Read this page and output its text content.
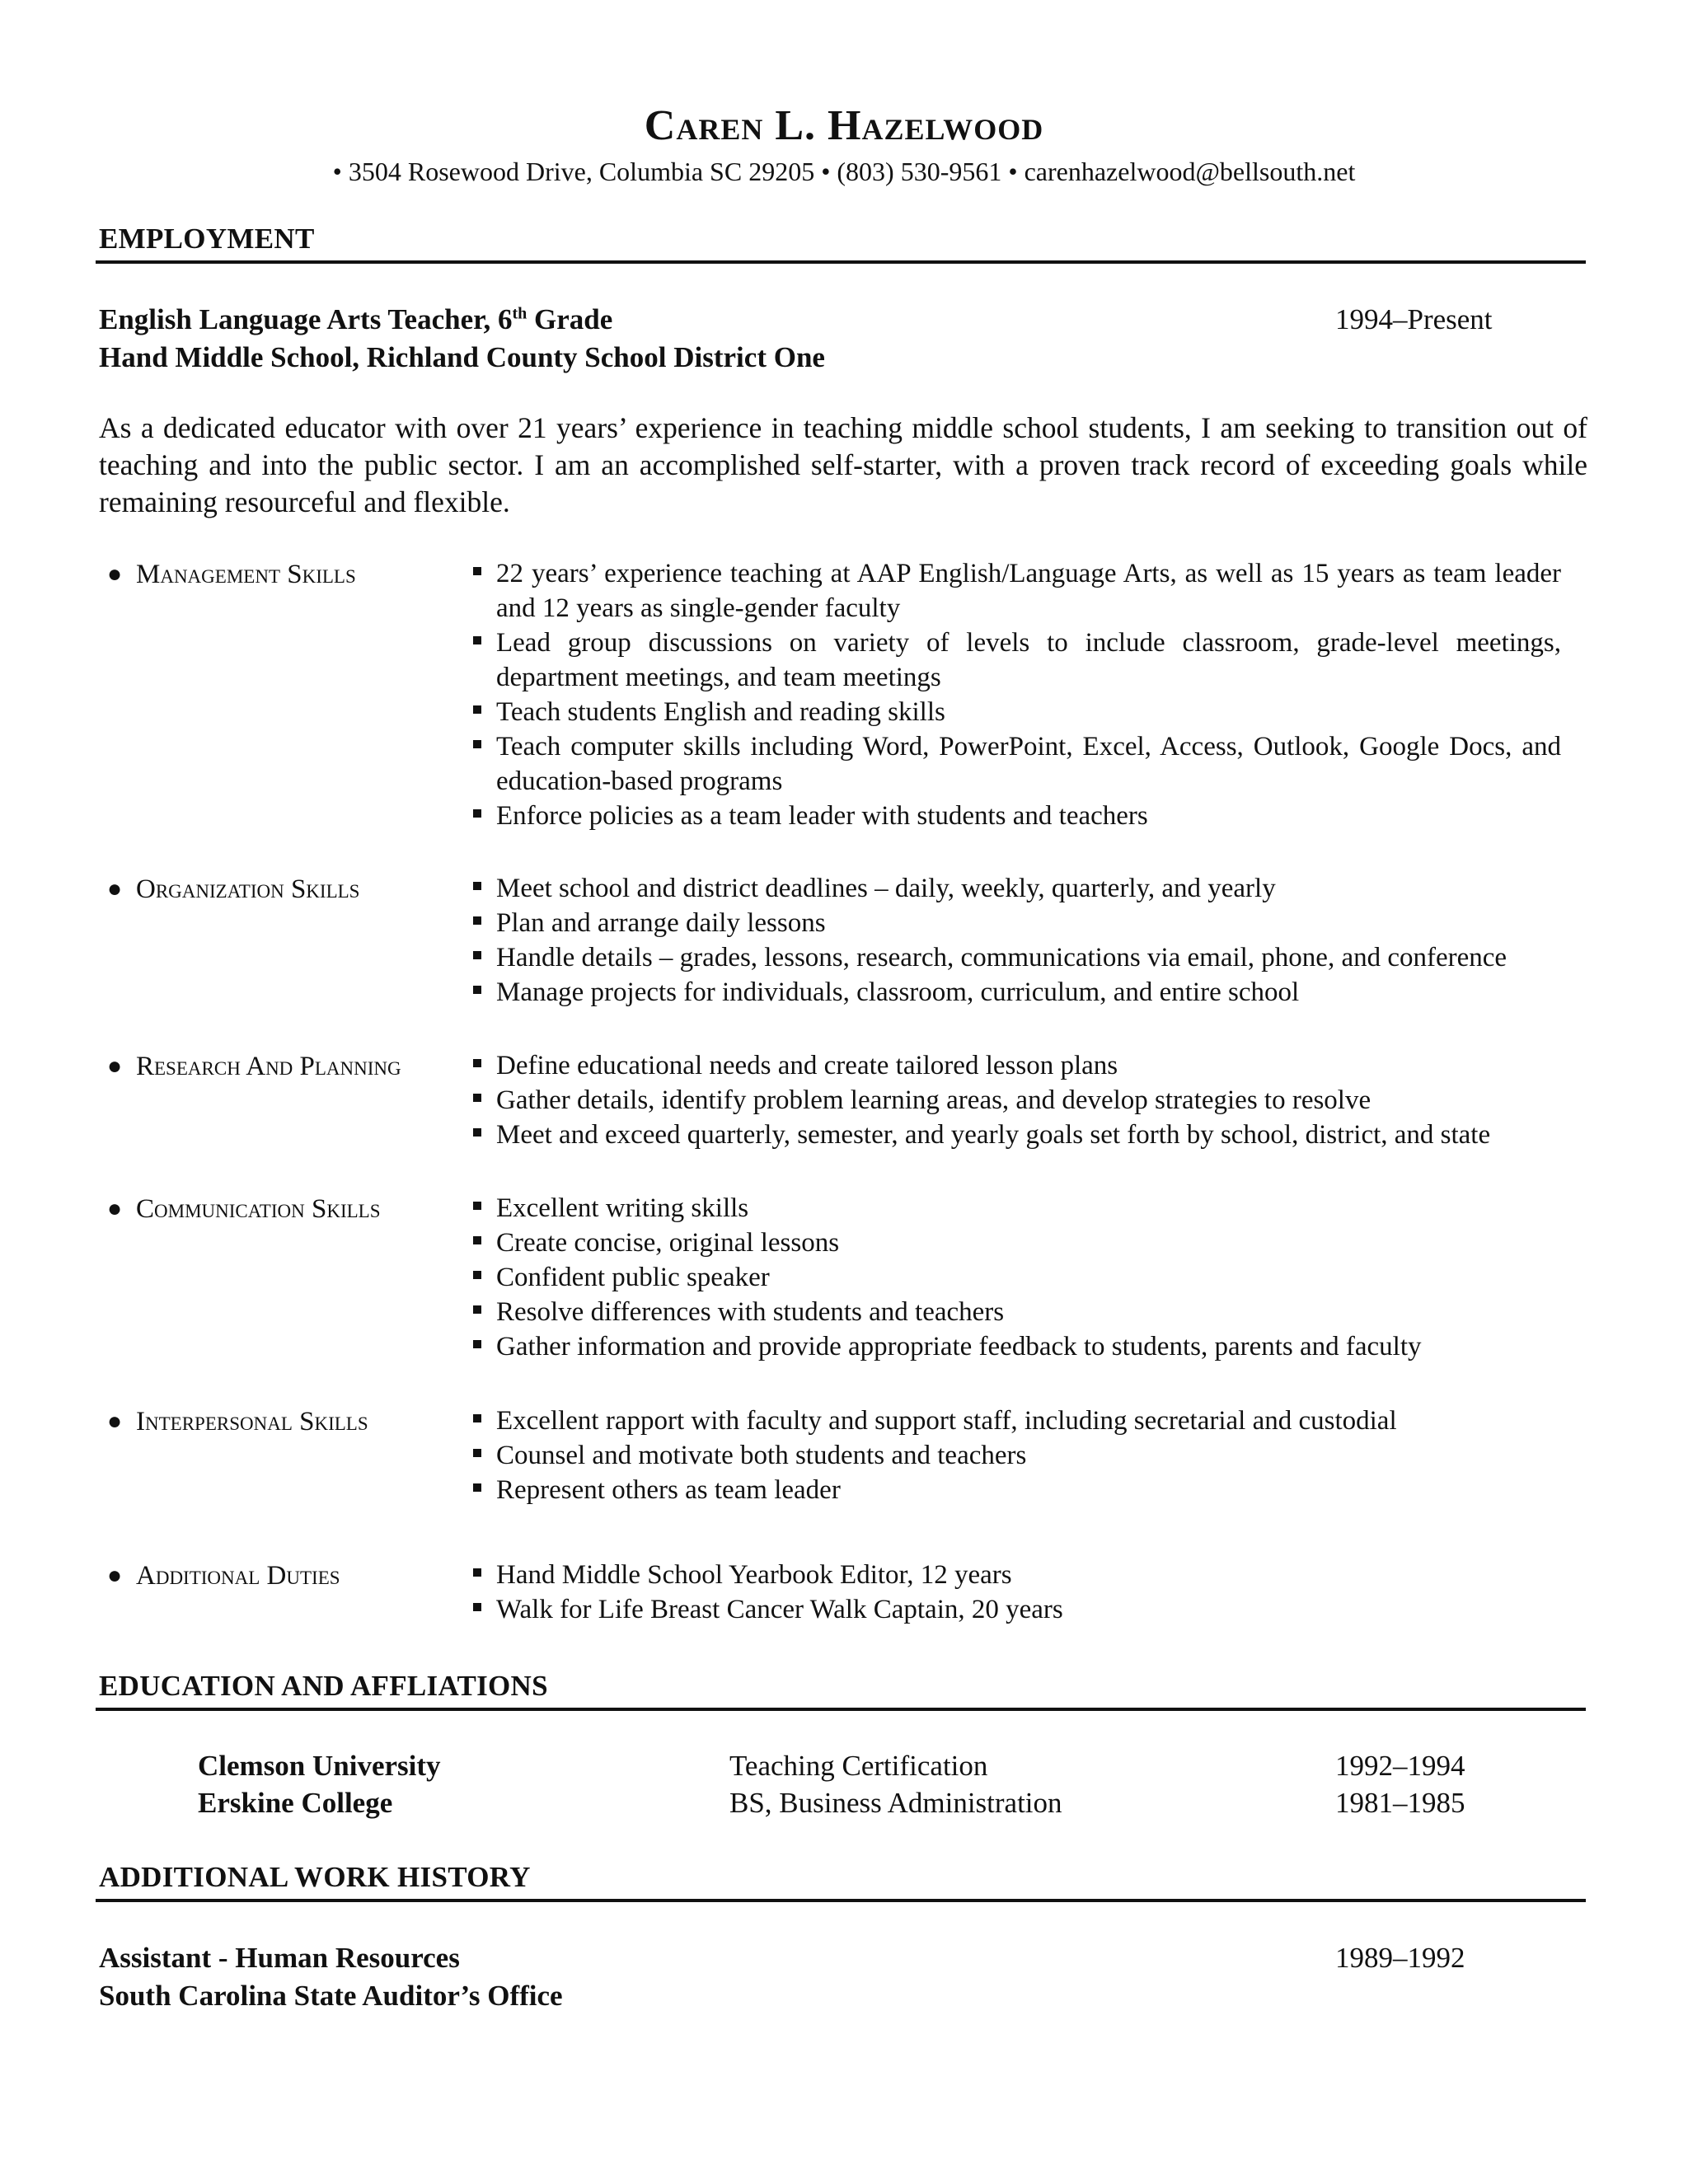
Caren L. Hazelwood
• 3504 Rosewood Drive, Columbia SC 29205 • (803) 530-9561 • carenhazelwood@bellsouth.net
EMPLOYMENT
English Language Arts Teacher, 6th Grade	1994–Present
Hand Middle School, Richland County School District One
As a dedicated educator with over 21 years’ experience in teaching middle school students, I am seeking to transition out of teaching and into the public sector. I am an accomplished self-starter, with a proven track record of exceeding goals while remaining resourceful and flexible.
● Management Skills	22 years’ experience teaching at AAP English/Language Arts, as well as 15 years as team leader and 12 years as single-gender faculty
Lead group discussions on variety of levels to include classroom, grade-level meetings, department meetings, and team meetings
Teach students English and reading skills
Teach computer skills including Word, PowerPoint, Excel, Access, Outlook, Google Docs, and education-based programs
Enforce policies as a team leader with students and teachers
● Organization Skills	Meet school and district deadlines – daily, weekly, quarterly, and yearly
Plan and arrange daily lessons
Handle details – grades, lessons, research, communications via email, phone, and conference
Manage projects for individuals, classroom, curriculum, and entire school
● Research And Planning	Define educational needs and create tailored lesson plans
Gather details, identify problem learning areas, and develop strategies to resolve
Meet and exceed quarterly, semester, and yearly goals set forth by school, district, and state
● Communication Skills	Excellent writing skills
Create concise, original lessons
Confident public speaker
Resolve differences with students and teachers
Gather information and provide appropriate feedback to students, parents and faculty
● Interpersonal Skills	Excellent rapport with faculty and support staff, including secretarial and custodial
Counsel and motivate both students and teachers
Represent others as team leader
● Additional Duties	Hand Middle School Yearbook Editor, 12 years
Walk for Life Breast Cancer Walk Captain, 20 years
EDUCATION AND AFFLIATIONS
Clemson University	Teaching Certification	1992–1994
Erskine College	BS, Business Administration	1981–1985
ADDITIONAL WORK HISTORY
Assistant - Human Resources	1989–1992
South Carolina State Auditor’s Office
